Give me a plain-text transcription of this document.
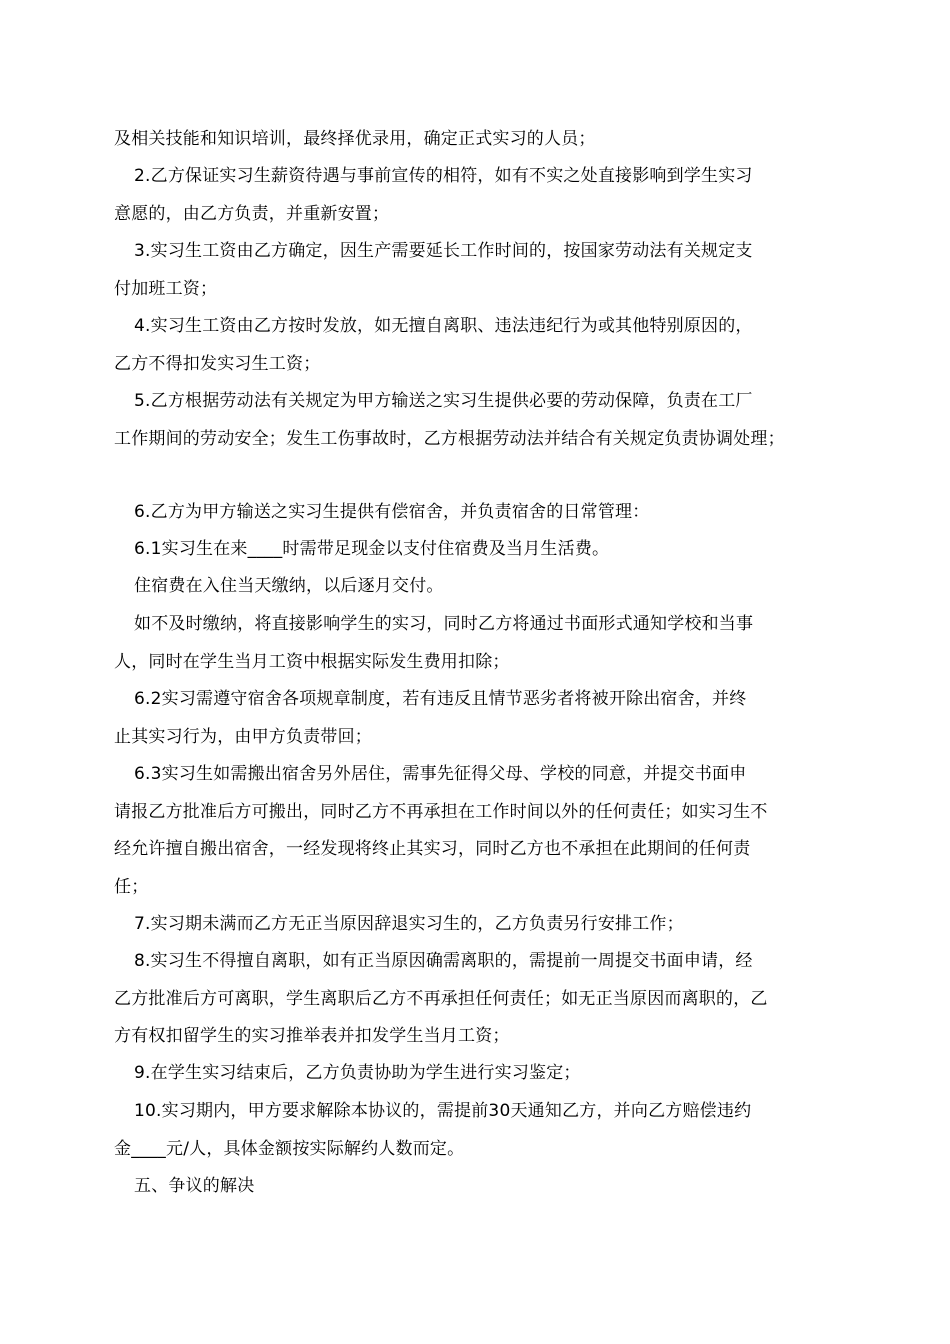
及相关技能和知识培训，最终择优录用，确定正式实习的人员；
2.乙方保证实习生薪资待遇与事前宣传的相符，如有不实之处直接影响到学生实习
意愿的，由乙方负责，并重新安置；
3.实习生工资由乙方确定，因生产需要延长工作时间的，按国家劳动法有关规定支
付加班工资；
4.实习生工资由乙方按时发放，如无擅自离职、违法违纪行为或其他特别原因的，
乙方不得扣发实习生工资；
5.乙方根据劳动法有关规定为甲方输送之实习生提供必要的劳动保障，负责在工厂
工作期间的劳动安全；发生工伤事故时，乙方根据劳动法并结合有关规定负责协调处理；
6.乙方为甲方输送之实习生提供有偿宿舍，并负责宿舍的日常管理：
6.1实习生在来____时需带足现金以支付住宿费及当月生活费。
住宿费在入住当天缴纳，以后逐月交付。
如不及时缴纳，将直接影响学生的实习，同时乙方将通过书面形式通知学校和当事
人，同时在学生当月工资中根据实际发生费用扣除；
6.2实习需遵守宿舍各项规章制度，若有违反且情节恶劣者将被开除出宿舍，并终
止其实习行为，由甲方负责带回；
6.3实习生如需搬出宿舍另外居住，需事先征得父母、学校的同意，并提交书面申
请报乙方批准后方可搬出，同时乙方不再承担在工作时间以外的任何责任；如实习生不
经允许擅自搬出宿舍，一经发现将终止其实习，同时乙方也不承担在此期间的任何责
任；
7.实习期未满而乙方无正当原因辞退实习生的，乙方负责另行安排工作；
8.实习生不得擅自离职，如有正当原因确需离职的，需提前一周提交书面申请，经
乙方批准后方可离职，学生离职后乙方不再承担任何责任；如无正当原因而离职的，乙
方有权扣留学生的实习推举表并扣发学生当月工资；
9.在学生实习结束后，乙方负责协助为学生进行实习鉴定；
10.实习期内，甲方要求解除本协议的，需提前30天通知乙方，并向乙方赔偿违约
金____元/人，具体金额按实际解约人数而定。
五、争议的解决
